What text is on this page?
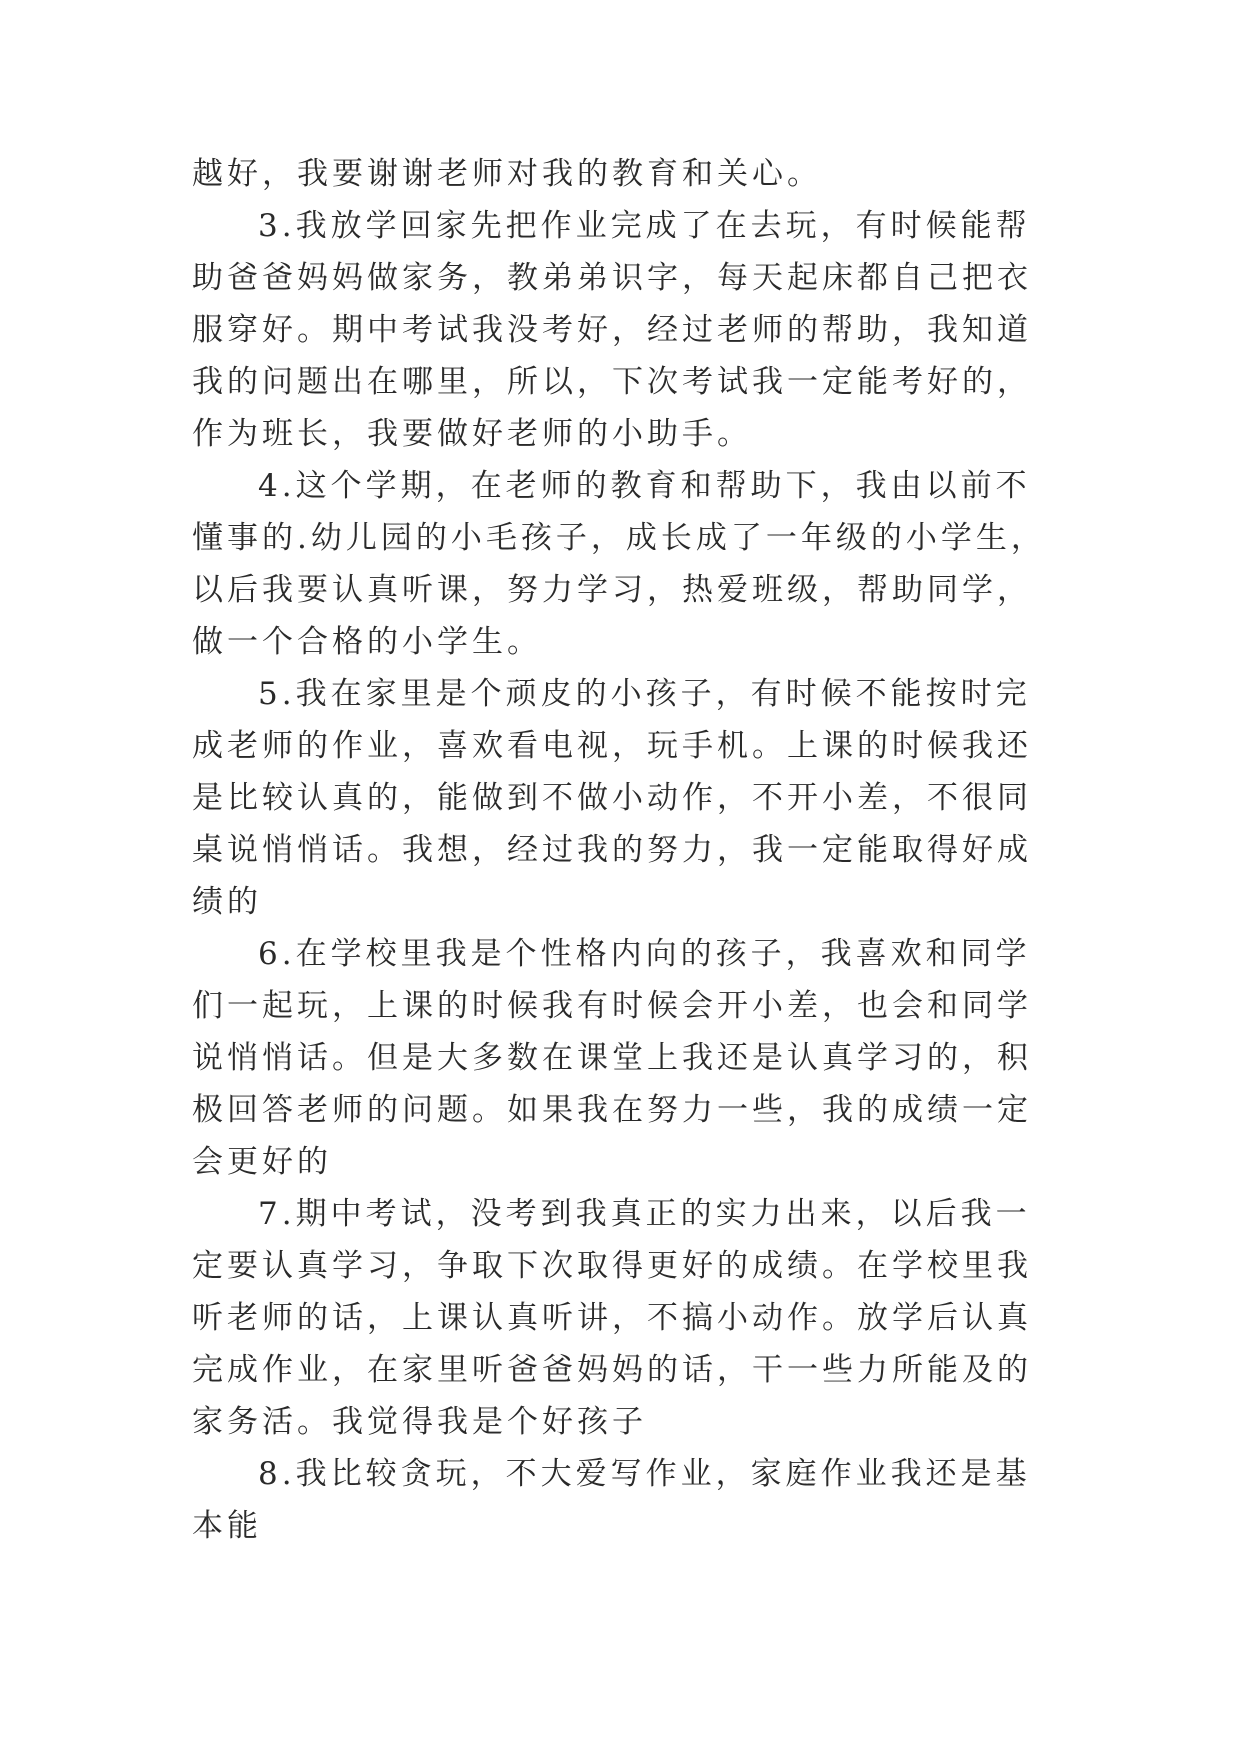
越好，我要谢谢老师对我的教育和关心。

3.我放学回家先把作业完成了在去玩，有时候能帮助爸爸妈妈做家务，教弟弟识字，每天起床都自己把衣服穿好。期中考试我没考好，经过老师的帮助，我知道我的问题出在哪里，所以，下次考试我一定能考好的，作为班长，我要做好老师的小助手。

4.这个学期，在老师的教育和帮助下，我由以前不懂事的.幼儿园的小毛孩子，成长成了一年级的小学生，以后我要认真听课，努力学习，热爱班级，帮助同学，做一个合格的小学生。

5.我在家里是个顽皮的小孩子，有时候不能按时完成老师的作业，喜欢看电视，玩手机。上课的时候我还是比较认真的，能做到不做小动作，不开小差，不很同桌说悄悄话。我想，经过我的努力，我一定能取得好成绩的

6.在学校里我是个性格内向的孩子，我喜欢和同学们一起玩，上课的时候我有时候会开小差，也会和同学说悄悄话。但是大多数在课堂上我还是认真学习的，积极回答老师的问题。如果我在努力一些，我的成绩一定会更好的

7.期中考试，没考到我真正的实力出来，以后我一定要认真学习，争取下次取得更好的成绩。在学校里我听老师的话，上课认真听讲，不搞小动作。放学后认真完成作业，在家里听爸爸妈妈的话，干一些力所能及的家务活。我觉得我是个好孩子

8.我比较贪玩，不大爱写作业，家庭作业我还是基本能
